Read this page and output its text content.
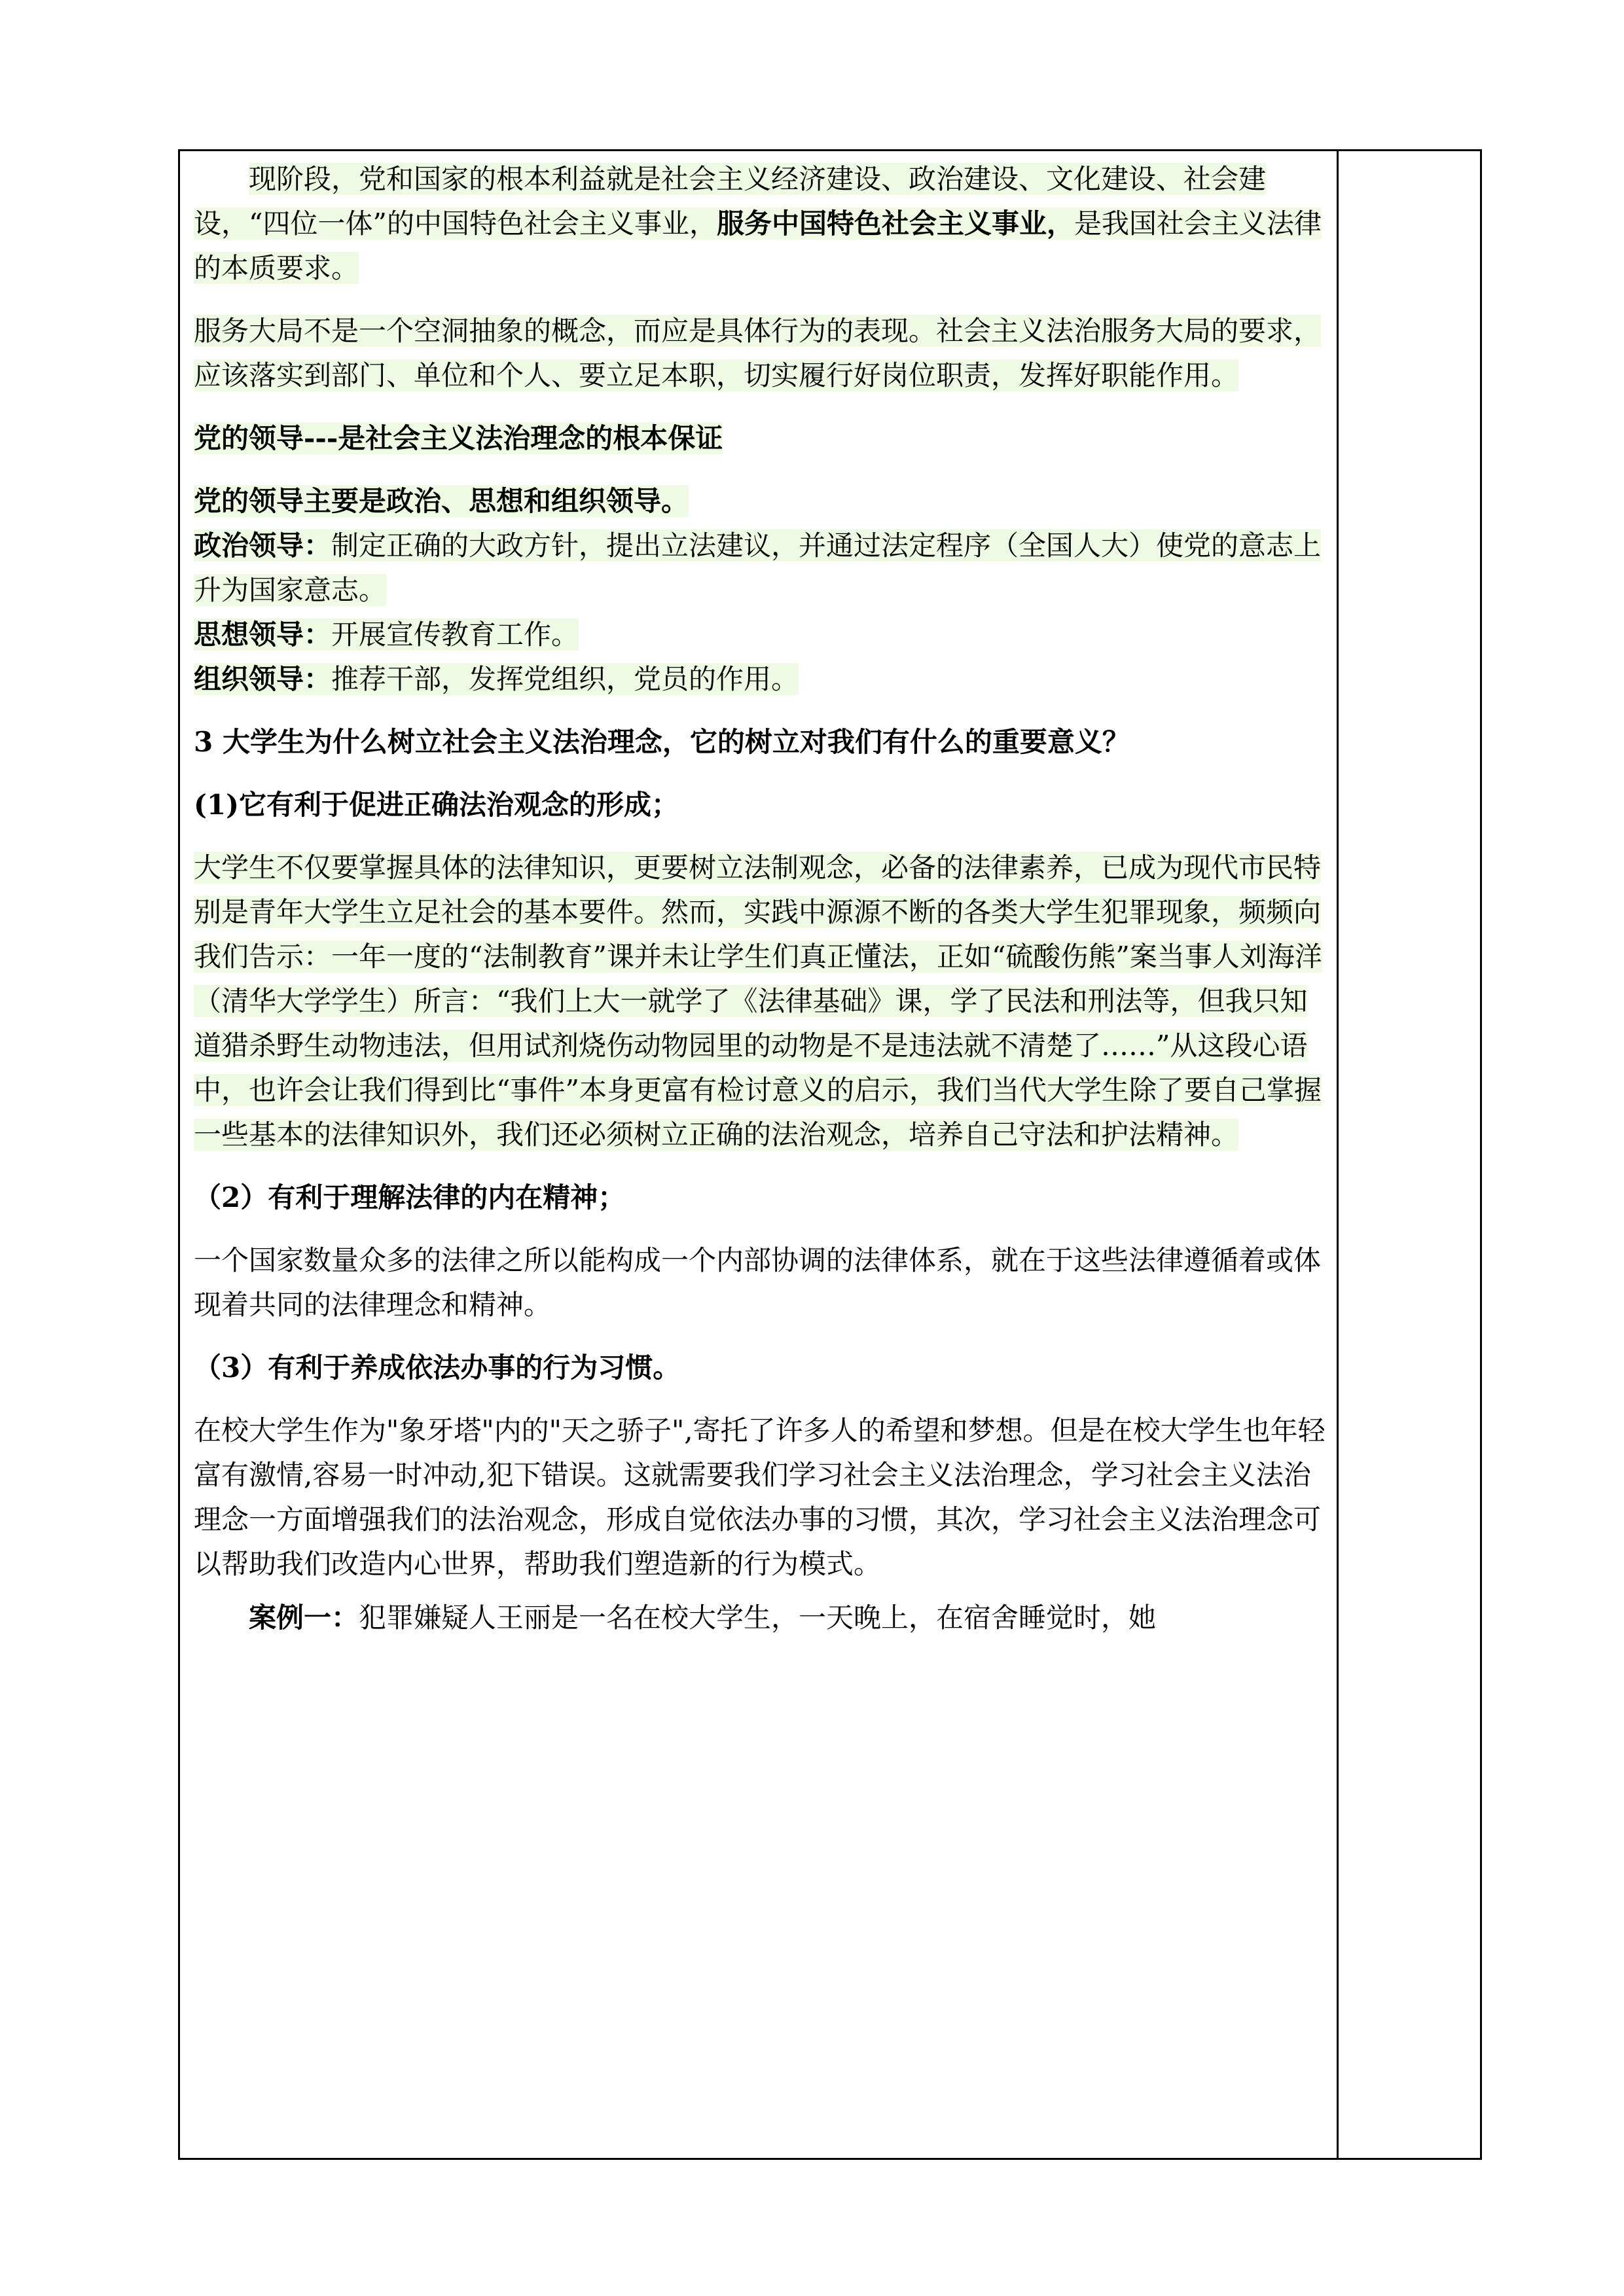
现阶段，党和国家的根本利益就是社会主义经济建设、政治建设、文化建设、社会建设，“四位一体”的中国特色社会主义事业，服务中国特色社会主义事业，是我国社会主义法律的本质要求。

服务大局不是一个空洞抽象的概念，而应是具体行为的表现。社会主义法治服务大局的要求，应该落实到部门、单位和个人、要立足本职，切实履行好岗位职责，发挥好职能作用。

党的领导---是社会主义法治理念的根本保证

党的领导主要是政治、思想和组织领导。

政治领导：制定正确的大政方针，提出立法建议，并通过法定程序（全国人大）使党的意志上升为国家意志。

思想领导：开展宣传教育工作。

组织领导：推荐干部，发挥党组织，党员的作用。

3 大学生为什么树立社会主义法治理念，它的树立对我们有什么的重要意义？

(1)它有利于促进正确法治观念的形成；

大学生不仅要掌握具体的法律知识，更要树立法制观念，必备的法律素养，已成为现代市民特别是青年大学生立足社会的基本要件。然而，实践中源源不断的各类大学生犯罪现象，频频向我们告示：一年一度的“法制教育”课并未让学生们真正懂法，正如“硫酸伤熊”案当事人刘海洋（清华大学学生）所言：“我们上大一就学了《法律基础》课，学了民法和刑法等，但我只知道猎杀野生动物违法，但用试剂烧伤动物园里的动物是不是违法就不清楚了……”从这段心语中，也许会让我们得到比“事件”本身更富有检讨意义的启示，我们当代大学生除了要自己掌握一些基本的法律知识外，我们还必须树立正确的法治观念，培养自己守法和护法精神。

（2）有利于理解法律的内在精神；

一个国家数量众多的法律之所以能构成一个内部协调的法律体系，就在于这些法律遵循着或体现着共同的法律理念和精神。

（3）有利于养成依法办事的行为习惯。

在校大学生作为"象牙塔"内的"天之骄子",寄托了许多人的希望和梦想。但是在校大学生也年轻富有激情,容易一时冲动,犯下错误。这就需要我们学习社会主义法治理念，学习社会主义法治理念一方面增强我们的法治观念，形成自觉依法办事的习惯，其次，学习社会主义法治理念可以帮助我们改造内心世界，帮助我们塑造新的行为模式。

案例一：犯罪嫌疑人王丽是一名在校大学生，一天晚上，在宿舍睡觉时，她
